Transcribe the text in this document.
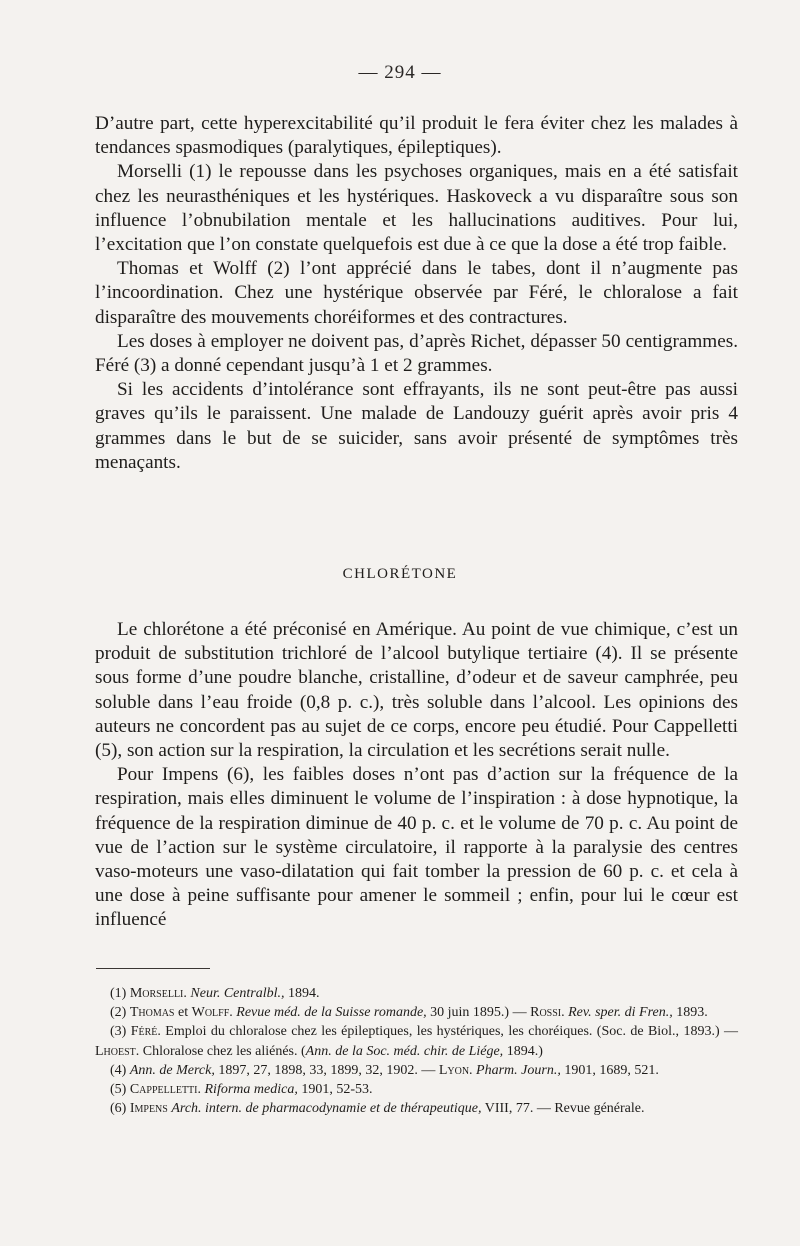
— 294 —

D’autre part, cette hyperexcitabilité qu’il produit le fera éviter chez les malades à tendances spasmodiques (paralytiques, épileptiques).

Morselli (1) le repousse dans les psychoses organiques, mais en a été satisfait chez les neurasthéniques et les hystériques. Haskoveck a vu disparaître sous son influence l’obnubilation mentale et les hallucinations auditives. Pour lui, l’excitation que l’on constate quelquefois est due à ce que la dose a été trop faible.

Thomas et Wolff (2) l’ont apprécié dans le tabes, dont il n’augmente pas l’incoordination. Chez une hystérique observée par Féré, le chloralose a fait disparaître des mouvements choréiformes et des contractures.

Les doses à employer ne doivent pas, d’après Richet, dépasser 50 centigrammes. Féré (3) a donné cependant jusqu’à 1 et 2 grammes.

Si les accidents d’intolérance sont effrayants, ils ne sont peut-être pas aussi graves qu’ils le paraissent. Une malade de Landouzy guérit après avoir pris 4 grammes dans le but de se suicider, sans avoir présenté de symptômes très menaçants.

CHLORÉTONE

Le chlorétone a été préconisé en Amérique. Au point de vue chimique, c’est un produit de substitution trichloré de l’alcool butylique tertiaire (4). Il se présente sous forme d’une poudre blanche, cristalline, d’odeur et de saveur camphrée, peu soluble dans l’eau froide (0,8 p. c.), très soluble dans l’alcool. Les opinions des auteurs ne concordent pas au sujet de ce corps, encore peu étudié. Pour Cappelletti (5), son action sur la respiration, la circulation et les secrétions serait nulle.

Pour Impens (6), les faibles doses n’ont pas d’action sur la fréquence de la respiration, mais elles diminuent le volume de l’inspiration : à dose hypnotique, la fréquence de la respiration diminue de 40 p. c. et le volume de 70 p. c. Au point de vue de l’action sur le système circulatoire, il rapporte à la paralysie des centres vaso-moteurs une vaso-dilatation qui fait tomber la pression de 60 p. c. et cela à une dose à peine suffisante pour amener le sommeil ; enfin, pour lui le cœur est influencé

(1) Morselli. Neur. Centralbl., 1894.

(2) Thomas et Wolff. Revue méd. de la Suisse romande, 30 juin 1895.) — Rossi. Rev. sper. di Fren., 1893.

(3) Féré. Emploi du chloralose chez les épileptiques, les hystériques, les choréiques. (Soc. de Biol., 1893.) — Lhoest. Chloralose chez les aliénés. (Ann. de la Soc. méd. chir. de Liége, 1894.)

(4) Ann. de Merck, 1897, 27, 1898, 33, 1899, 32, 1902. — Lyon. Pharm. Journ., 1901, 1689, 521.

(5) Cappelletti. Riforma medica, 1901, 52-53.

(6) Impens Arch. intern. de pharmacodynamie et de thérapeutique, VIII, 77. — Revue générale.
